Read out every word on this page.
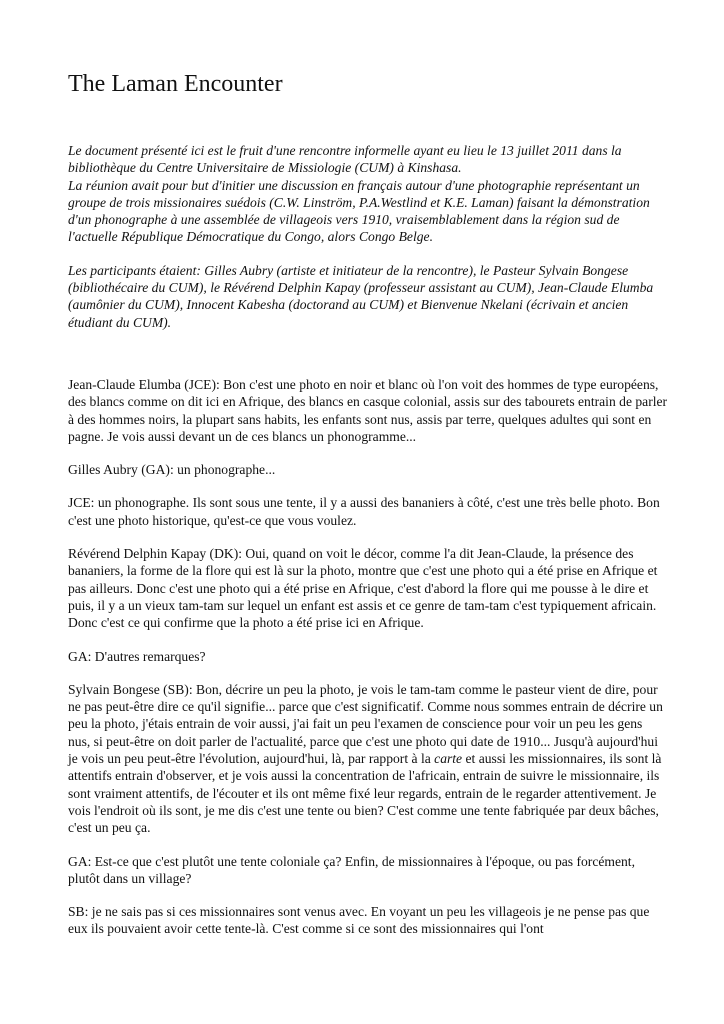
The Laman Encounter

Le document présenté ici est le fruit d'une rencontre informelle ayant eu lieu le 13 juillet 2011 dans la bibliothèque du Centre Universitaire de Missiologie (CUM) à Kinshasa.

La réunion avait pour but d'initier une discussion en français autour d'une photographie représentant un groupe de trois missionaires suédois (C.W. Linström, P.A.Westlind et K.E. Laman) faisant la démonstration d'un phonographe à une assemblée de villageois vers 1910, vraisemblablement dans la région sud de l'actuelle République Démocratique du Congo, alors Congo Belge.

Les participants étaient: Gilles Aubry (artiste et initiateur de la rencontre), le Pasteur Sylvain Bongese (bibliothécaire du CUM), le Révérend Delphin Kapay (professeur assistant au CUM), Jean-Claude Elumba (aumônier du CUM), Innocent Kabesha (doctorand au CUM) et Bienvenue Nkelani (écrivain et ancien étudiant du CUM).

Jean-Claude Elumba (JCE): Bon c'est une photo en noir et blanc où l'on voit des hommes de type européens, des blancs comme on dit ici en Afrique, des blancs en casque colonial, assis sur des tabourets entrain de parler à des hommes noirs, la plupart sans habits, les enfants sont nus, assis par terre, quelques adultes qui sont en pagne. Je vois aussi devant un de ces blancs un phonogramme...

Gilles Aubry (GA): un phonographe...

JCE: un phonographe. Ils sont sous une tente, il y a aussi des bananiers à côté, c'est une très belle photo. Bon c'est une photo historique, qu'est-ce que vous voulez.

Révérend Delphin Kapay (DK): Oui, quand on voit le décor, comme l'a dit Jean-Claude, la présence des bananiers, la forme de la flore qui est là sur la photo, montre que c'est une photo qui a été prise en Afrique et pas ailleurs. Donc c'est une photo qui a été prise en Afrique, c'est d'abord la flore qui me pousse à le dire et puis, il y a un vieux tam-tam sur lequel un enfant est assis et ce genre de tam-tam c'est typiquement africain. Donc c'est ce qui confirme que la photo a été prise ici en Afrique.

GA: D'autres remarques?

Sylvain Bongese (SB): Bon, décrire un peu la photo, je vois le tam-tam comme le pasteur vient de dire, pour ne pas peut-être dire ce qu'il signifie... parce que c'est significatif. Comme nous sommes entrain de décrire un peu la photo, j'étais entrain de voir aussi, j'ai fait un peu l'examen de conscience pour voir un peu les gens nus, si peut-être on doit parler de l'actualité, parce que c'est une photo qui date de 1910... Jusqu'à aujourd'hui je vois un peu peut-être l'évolution, aujourd'hui, là, par rapport à la carte et aussi les missionnaires, ils sont là attentifs entrain d'observer, et je vois aussi la concentration de l'africain, entrain de suivre le missionnaire, ils sont vraiment attentifs, de l'écouter et ils ont même fixé leur regards, entrain de le regarder attentivement. Je vois l'endroit où ils sont, je me dis c'est une tente ou bien? C'est comme une tente fabriquée par deux bâches, c'est un peu ça.

GA: Est-ce que c'est plutôt une tente coloniale ça? Enfin, de missionnaires à l'époque, ou pas forcément, plutôt dans un village?

SB: je ne sais pas si ces missionnaires sont venus avec. En voyant un peu les villageois je ne pense pas que eux ils pouvaient avoir cette tente-là. C'est comme si ce sont des missionnaires qui l'ont
